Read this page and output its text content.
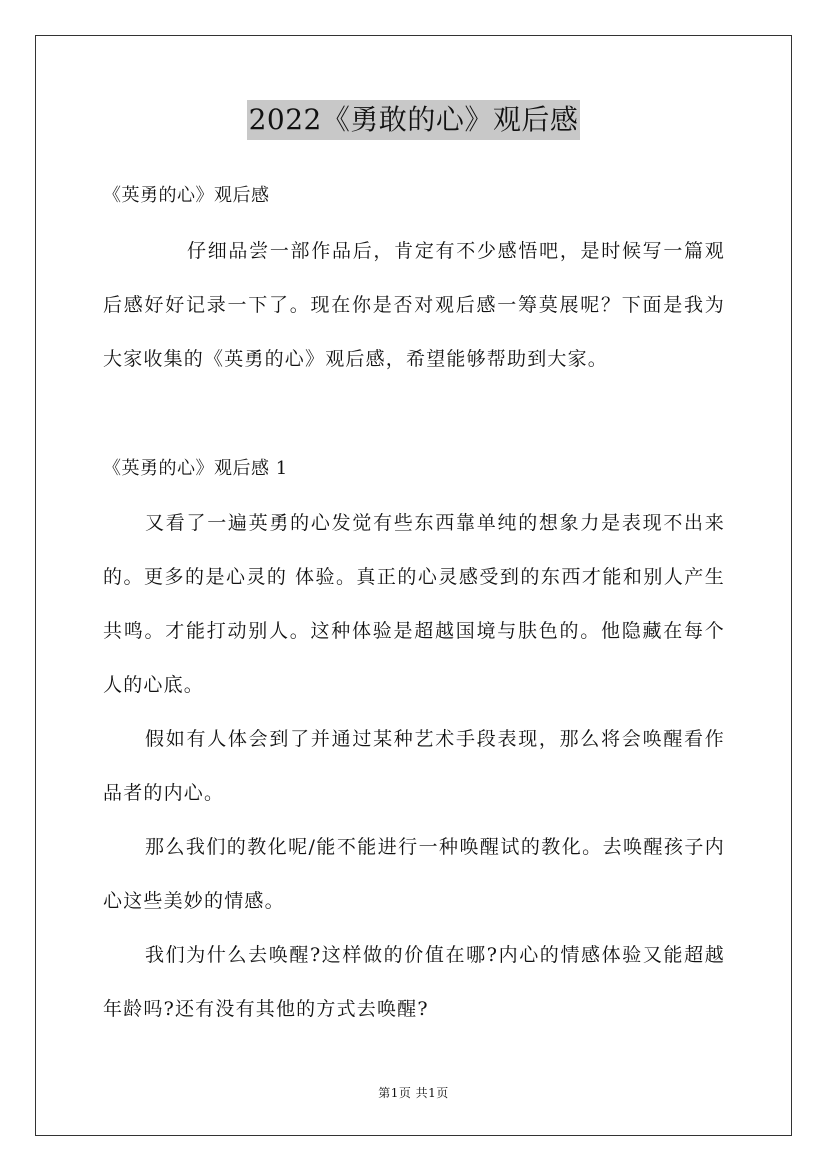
2022《勇敢的心》观后感
《英勇的心》观后感
仔细品尝一部作品后，肯定有不少感悟吧，是时候写一篇观
后感好好记录一下了。现在你是否对观后感一筹莫展呢？下面是我为
大家收集的《英勇的心》观后感，希望能够帮助到大家。
《英勇的心》观后感 1
又看了一遍英勇的心发觉有些东西靠单纯的想象力是表现不出来
的。更多的是心灵的 体验。真正的心灵感受到的东西才能和别人产生
共鸣。才能打动别人。这种体验是超越国境与肤色的。他隐藏在每个
人的心底。
假如有人体会到了并通过某种艺术手段表现，那么将会唤醒看作
品者的内心。
那么我们的教化呢/能不能进行一种唤醒试的教化。去唤醒孩子内
心这些美妙的情感。
我们为什么去唤醒?这样做的价值在哪?内心的情感体验又能超越
年龄吗?还有没有其他的方式去唤醒?
第1页 共1页
